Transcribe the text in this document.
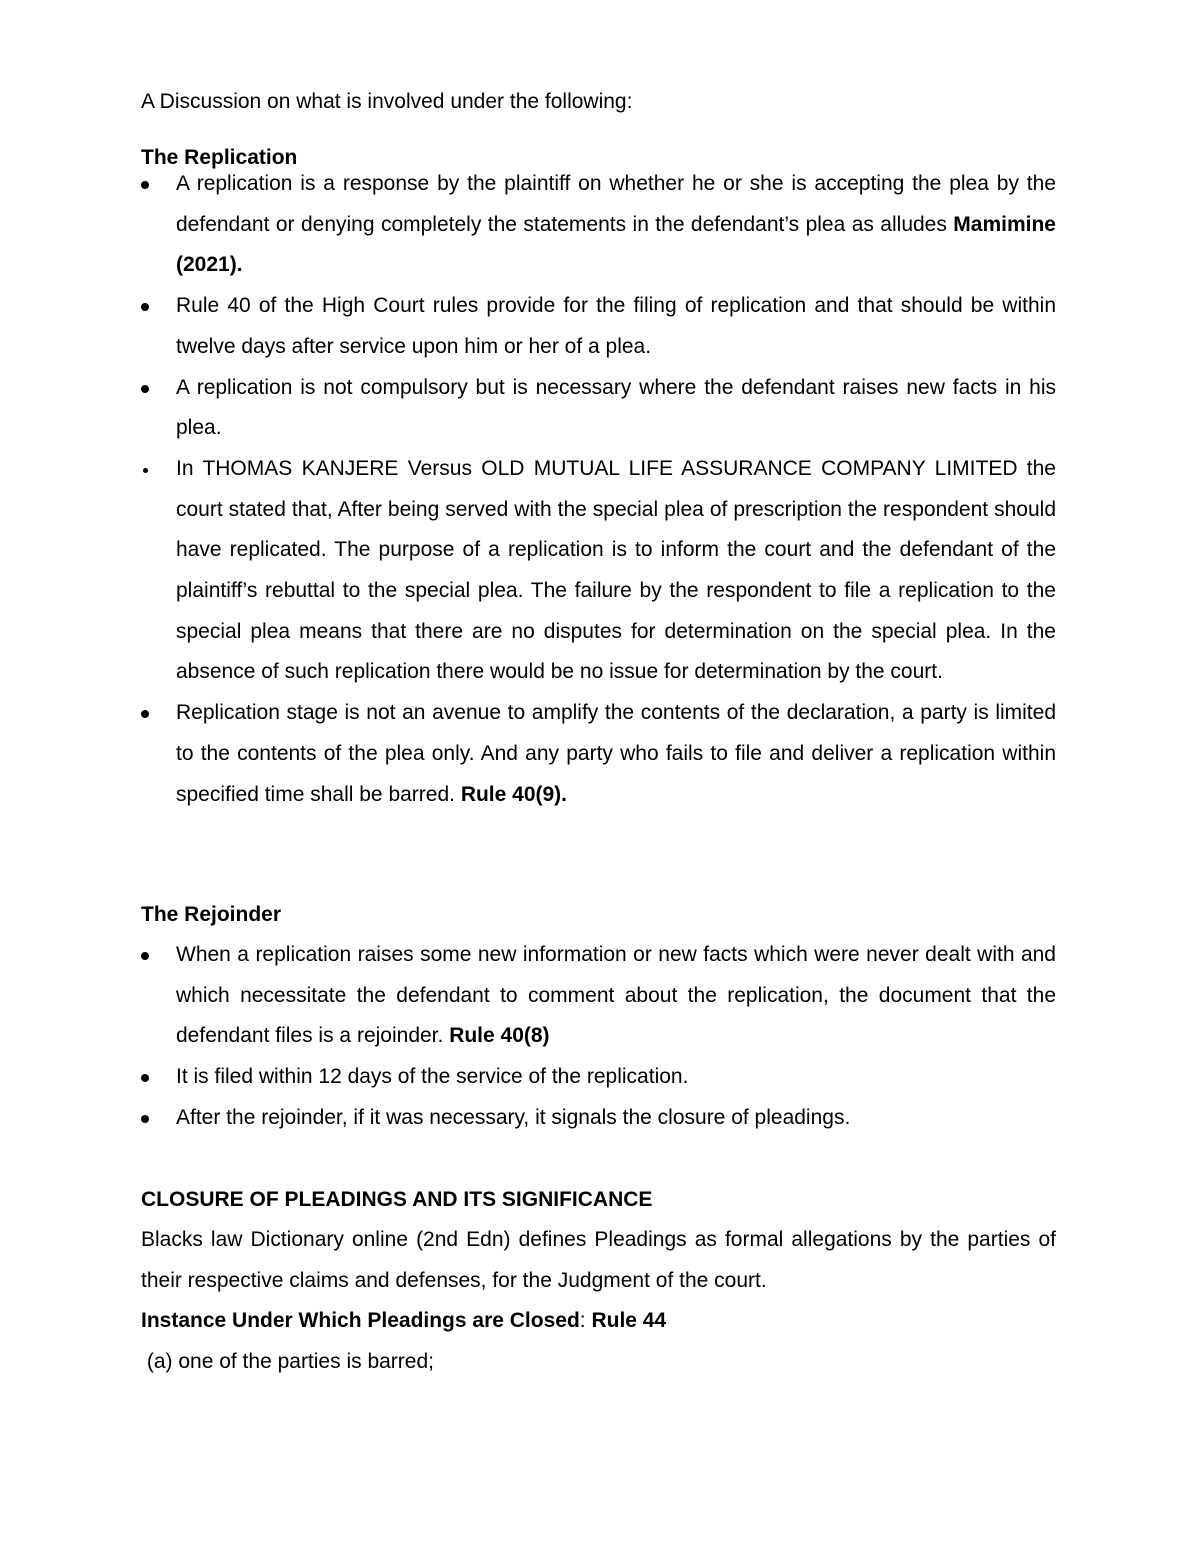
A Discussion on what is involved under the following:
The Replication
A replication is a response by the plaintiff on whether he or she is accepting the plea by the defendant or denying completely the statements in the defendant’s plea as alludes Mamimine (2021).
Rule 40 of the High Court rules provide for the filing of replication and that should be within twelve days after service upon him or her of a plea.
A replication is not compulsory but is necessary where the defendant raises new facts in his plea.
In THOMAS KANJERE Versus OLD MUTUAL LIFE ASSURANCE COMPANY LIMITED the court stated that, After being served with the special plea of prescription the respondent should have replicated. The purpose of a replication is to inform the court and the defendant of the plaintiff’s rebuttal to the special plea. The failure by the respondent to file a replication to the special plea means that there are no disputes for determination on the special plea. In the absence of such replication there would be no issue for determination by the court.
Replication stage is not an avenue to amplify the contents of the declaration, a party is limited to the contents of the plea only. And any party who fails to file and deliver a replication within specified time shall be barred. Rule 40(9).
The Rejoinder
When a replication raises some new information or new facts which were never dealt with and which necessitate the defendant to comment about the replication, the document that the defendant files is a rejoinder. Rule 40(8)
It is filed within 12 days of the service of the replication.
After the rejoinder, if it was necessary, it signals the closure of pleadings.
CLOSURE OF PLEADINGS AND ITS SIGNIFICANCE
Blacks law Dictionary online (2nd Edn) defines Pleadings as formal allegations by the parties of their respective claims and defenses, for the Judgment of the court.
Instance Under Which Pleadings are Closed: Rule 44
(a) one of the parties is barred;
